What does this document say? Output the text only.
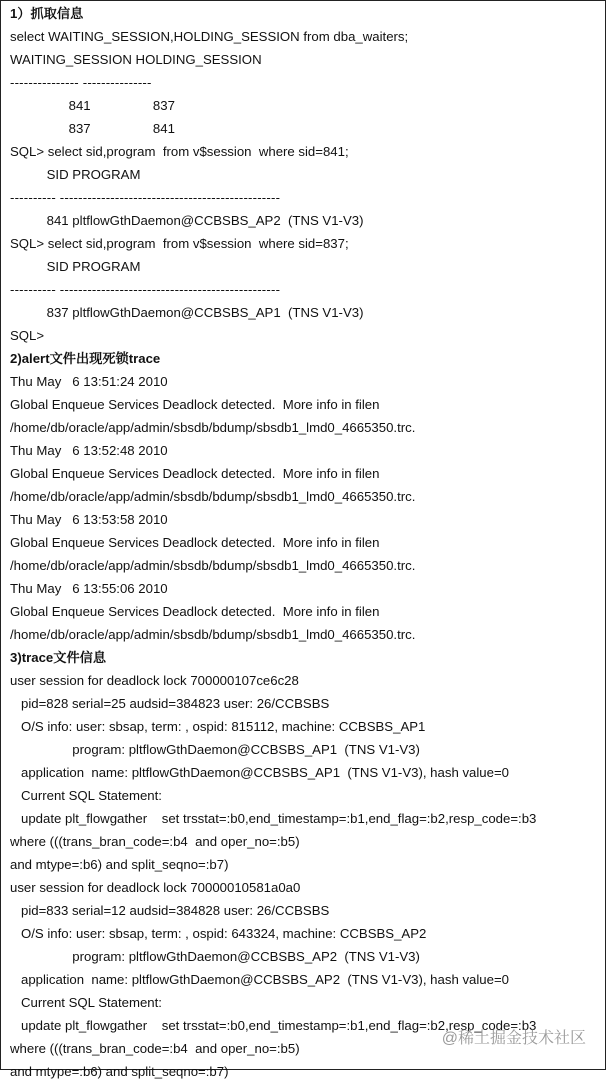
1）抓取信息
select WAITING_SESSION,HOLDING_SESSION from dba_waiters;
WAITING_SESSION HOLDING_SESSION
--------------- ---------------
841                 837
837                 841
SQL> select sid,program  from v$session  where sid=841;
SID PROGRAM
---------- ------------------------------------------------
841 pltflowGthDaemon@CCBSBS_AP2  (TNS V1-V3)
SQL> select sid,program  from v$session  where sid=837;
SID PROGRAM
---------- ------------------------------------------------
837 pltflowGthDaemon@CCBSBS_AP1  (TNS V1-V3)
SQL>
2)alert文件出现死锁trace
Thu May   6 13:51:24 2010
Global Enqueue Services Deadlock detected.  More info in filen
/home/db/oracle/app/admin/sbsdb/bdump/sbsdb1_lmd0_4665350.trc.
Thu May   6 13:52:48 2010
Global Enqueue Services Deadlock detected.  More info in filen
/home/db/oracle/app/admin/sbsdb/bdump/sbsdb1_lmd0_4665350.trc.
Thu May   6 13:53:58 2010
Global Enqueue Services Deadlock detected.  More info in filen
/home/db/oracle/app/admin/sbsdb/bdump/sbsdb1_lmd0_4665350.trc.
Thu May   6 13:55:06 2010
Global Enqueue Services Deadlock detected.  More info in filen
/home/db/oracle/app/admin/sbsdb/bdump/sbsdb1_lmd0_4665350.trc.
3)trace文件信息
user session for deadlock lock 700000107ce6c28
pid=828 serial=25 audsid=384823 user: 26/CCBSBS
O/S info: user: sbsap, term: , ospid: 815112, machine: CCBSBS_AP1
program: pltflowGthDaemon@CCBSBS_AP1  (TNS V1-V3)
application  name: pltflowGthDaemon@CCBSBS_AP1  (TNS V1-V3), hash value=0
Current SQL Statement:
update plt_flowgather    set trsstat=:b0,end_timestamp=:b1,end_flag=:b2,resp_code=:b3
where (((trans_bran_code=:b4  and oper_no=:b5)
and mtype=:b6) and split_seqno=:b7)
user session for deadlock lock 70000010581a0a0
pid=833 serial=12 audsid=384828 user: 26/CCBSBS
O/S info: user: sbsap, term: , ospid: 643324, machine: CCBSBS_AP2
program: pltflowGthDaemon@CCBSBS_AP2  (TNS V1-V3)
application  name: pltflowGthDaemon@CCBSBS_AP2  (TNS V1-V3), hash value=0
Current SQL Statement:
update plt_flowgather    set trsstat=:b0,end_timestamp=:b1,end_flag=:b2,resp_code=:b3
where (((trans_bran_code=:b4  and oper_no=:b5)
and mtype=:b6) and split_seqno=:b7)
@稀土掘金技术社区
